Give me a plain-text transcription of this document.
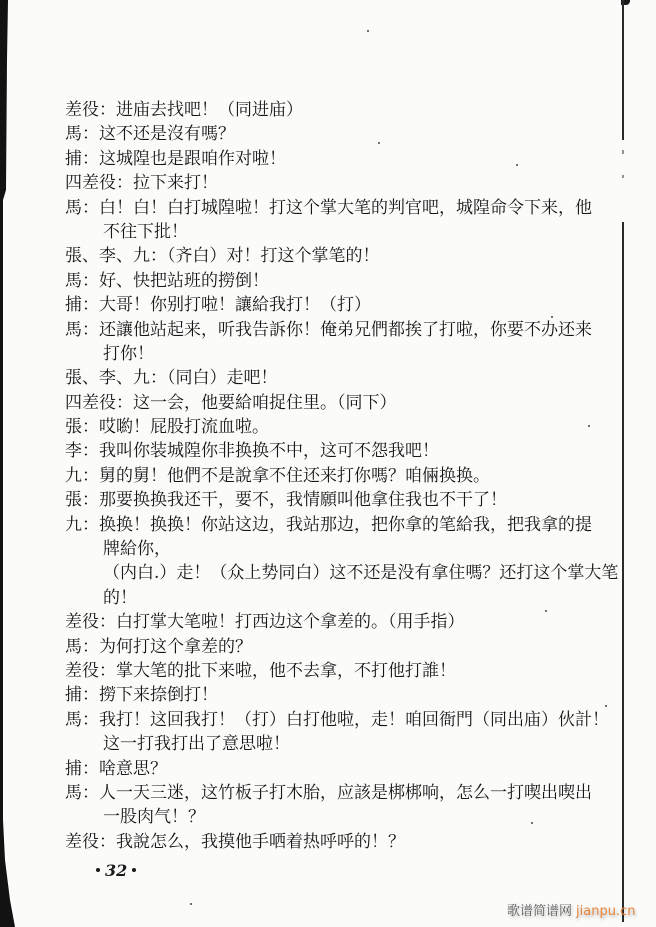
差役：进庙去找吧！（同进庙）
馬：这不还是沒有嗎？
捕：这城隍也是跟咱作对啦！
四差役：拉下来打！
馬：白！白！白打城隍啦！打这个掌大笔的判官吧，城隍命令下来，他
不往下批！
張、李、九：（齐白）对！打这个掌笔的！
馬：好、快把站班的撈倒！
捕：大哥！你别打啦！讓給我打！（打）
馬：还讓他站起来，听我告訴你！俺弟兄們都挨了打啦，你要不办还来
打你！
張、李、九：（同白）走吧！
四差役：这一会，他要給咱捉住里。（同下）
張：哎喲！屁股打流血啦。
李：我叫你装城隍你非换换不中，这可不怨我吧！
九：舅的舅！他們不是說拿不住还来打你嗎？咱倆换换。
張：那要换换我还干，要不，我情願叫他拿住我也不干了！
九：换换！换换！你站这边，我站那边，把你拿的笔給我，把我拿的提
牌給你，
（内白.）走！（众上势同白）这不还是没有拿住嗎？还打这个掌大笔
的！
差役：白打掌大笔啦！打西边这个拿差的。（用手指）
馬：为何打这个拿差的？
差役：掌大笔的批下来啦，他不去拿，不打他打誰！
捕：撈下来捺倒打！
馬：我打！这回我打！（打）白打他啦，走！咱回衙門（同出庙）伙計！
这一打我打出了意思啦！
捕：啥意思？
馬：人一天三迷，这竹板子打木胎，应該是梆梆响，怎么一打喫出喫出
一股肉气！？
差役：我說怎么，我摸他手哂着热呼呼的！？
32
歌谱简谱网 jianpu.cn
